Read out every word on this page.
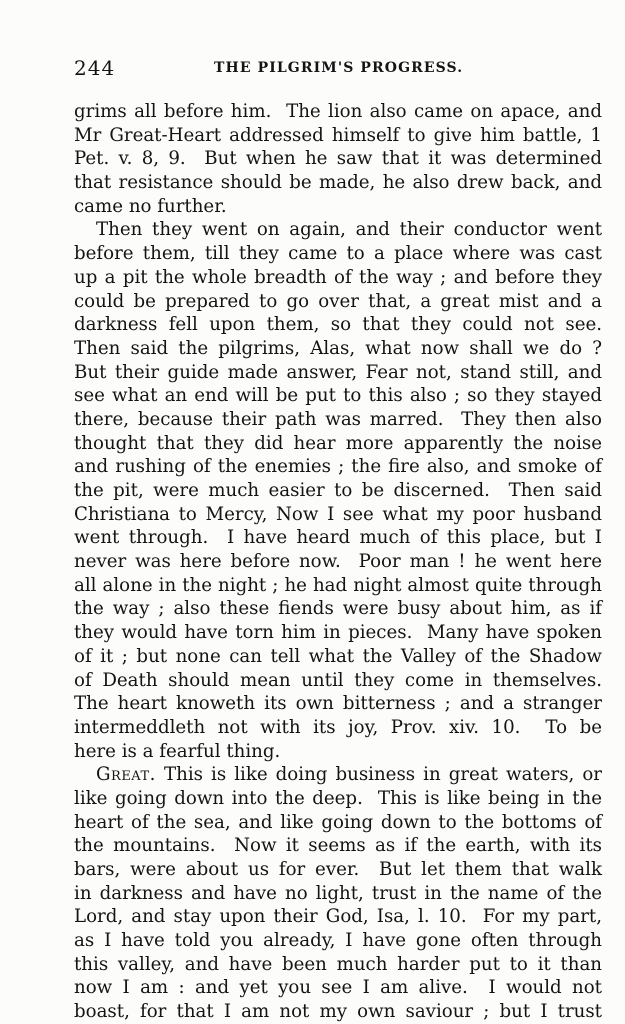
244	THE PILGRIM'S PROGRESS.
grims all before him.  The lion also came on apace, and
Mr Great-Heart addressed himself to give him battle, 1
Pet. v. 8, 9.  But when he saw that it was determined
that resistance should be made, he also drew back, and
came no further.
Then they went on again, and their conductor went
before them, till they came to a place where was cast
up a pit the whole breadth of the way ; and before they
could be prepared to go over that, a great mist and a
darkness fell upon them, so that they could not see.
Then said the pilgrims, Alas, what now shall we do ?
But their guide made answer, Fear not, stand still, and
see what an end will be put to this also ; so they stayed
there, because their path was marred.  They then also
thought that they did hear more apparently the noise
and rushing of the enemies ; the fire also, and smoke of
the pit, were much easier to be discerned.  Then said
Christiana to Mercy, Now I see what my poor husband
went through.  I have heard much of this place, but I
never was here before now.  Poor man ! he went here
all alone in the night ; he had night almost quite through
the way ; also these fiends were busy about him, as if
they would have torn him in pieces.  Many have spoken
of it ; but none can tell what the Valley of the Shadow
of Death should mean until they come in themselves.
The heart knoweth its own bitterness ; and a stranger
intermeddleth not with its joy, Prov. xiv. 10.  To be
here is a fearful thing.
Great. This is like doing business in great waters, or
like going down into the deep.  This is like being in the
heart of the sea, and like going down to the bottoms of
the mountains.  Now it seems as if the earth, with its
bars, were about us for ever.  But let them that walk
in darkness and have no light, trust in the name of the
Lord, and stay upon their God, Isa, l. 10.  For my part,
as I have told you already, I have gone often through
this valley, and have been much harder put to it than
now I am : and yet you see I am alive.  I would not
boast, for that I am not my own saviour ; but I trust
